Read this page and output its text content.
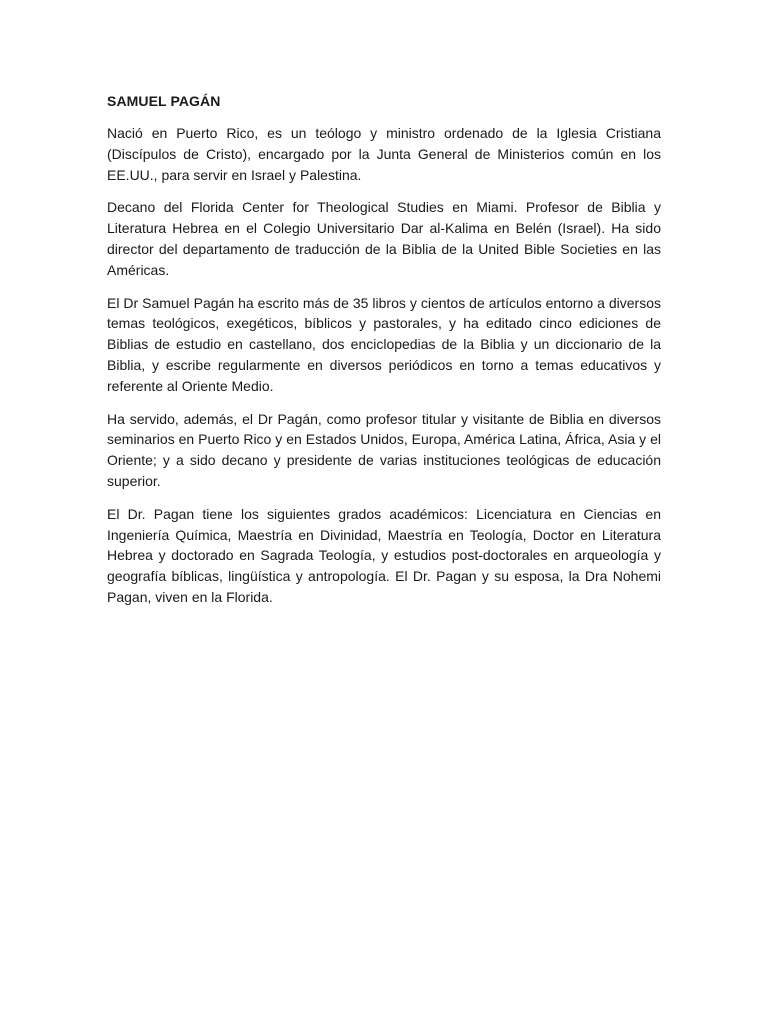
SAMUEL PAGÁN

Nació en Puerto Rico, es un teólogo y ministro ordenado de la Iglesia Cristiana (Discípulos de Cristo), encargado por la Junta General de Ministerios común en los EE.UU., para servir en Israel y Palestina.

Decano del Florida Center for Theological Studies en Miami. Profesor de Biblia y Literatura Hebrea en el Colegio Universitario Dar al-Kalima en Belén (Israel). Ha sido director del departamento de traducción de la Biblia de la United Bible Societies en las Américas.

El Dr Samuel Pagán ha escrito más de 35 libros y cientos de artículos entorno a diversos temas teológicos, exegéticos, bíblicos y pastorales, y ha editado cinco ediciones de Biblias de estudio en castellano, dos enciclopedias de la Biblia y un diccionario de la Biblia, y escribe regularmente en diversos periódicos en torno a temas educativos y referente al Oriente Medio.

Ha servido, además, el Dr Pagán, como profesor titular y visitante de Biblia en diversos seminarios en Puerto Rico y en Estados Unidos, Europa, América Latina, África, Asia y el Oriente; y a sido decano y presidente de varias instituciones teológicas de educación superior.

El Dr. Pagan tiene los siguientes grados académicos: Licenciatura en Ciencias en Ingeniería Química, Maestría en Divinidad, Maestría en Teología, Doctor en Literatura Hebrea y doctorado en Sagrada Teología, y estudios post-doctorales en arqueología y geografía bíblicas, lingüística y antropología. El Dr. Pagan y su esposa, la Dra Nohemi Pagan, viven en la Florida.
